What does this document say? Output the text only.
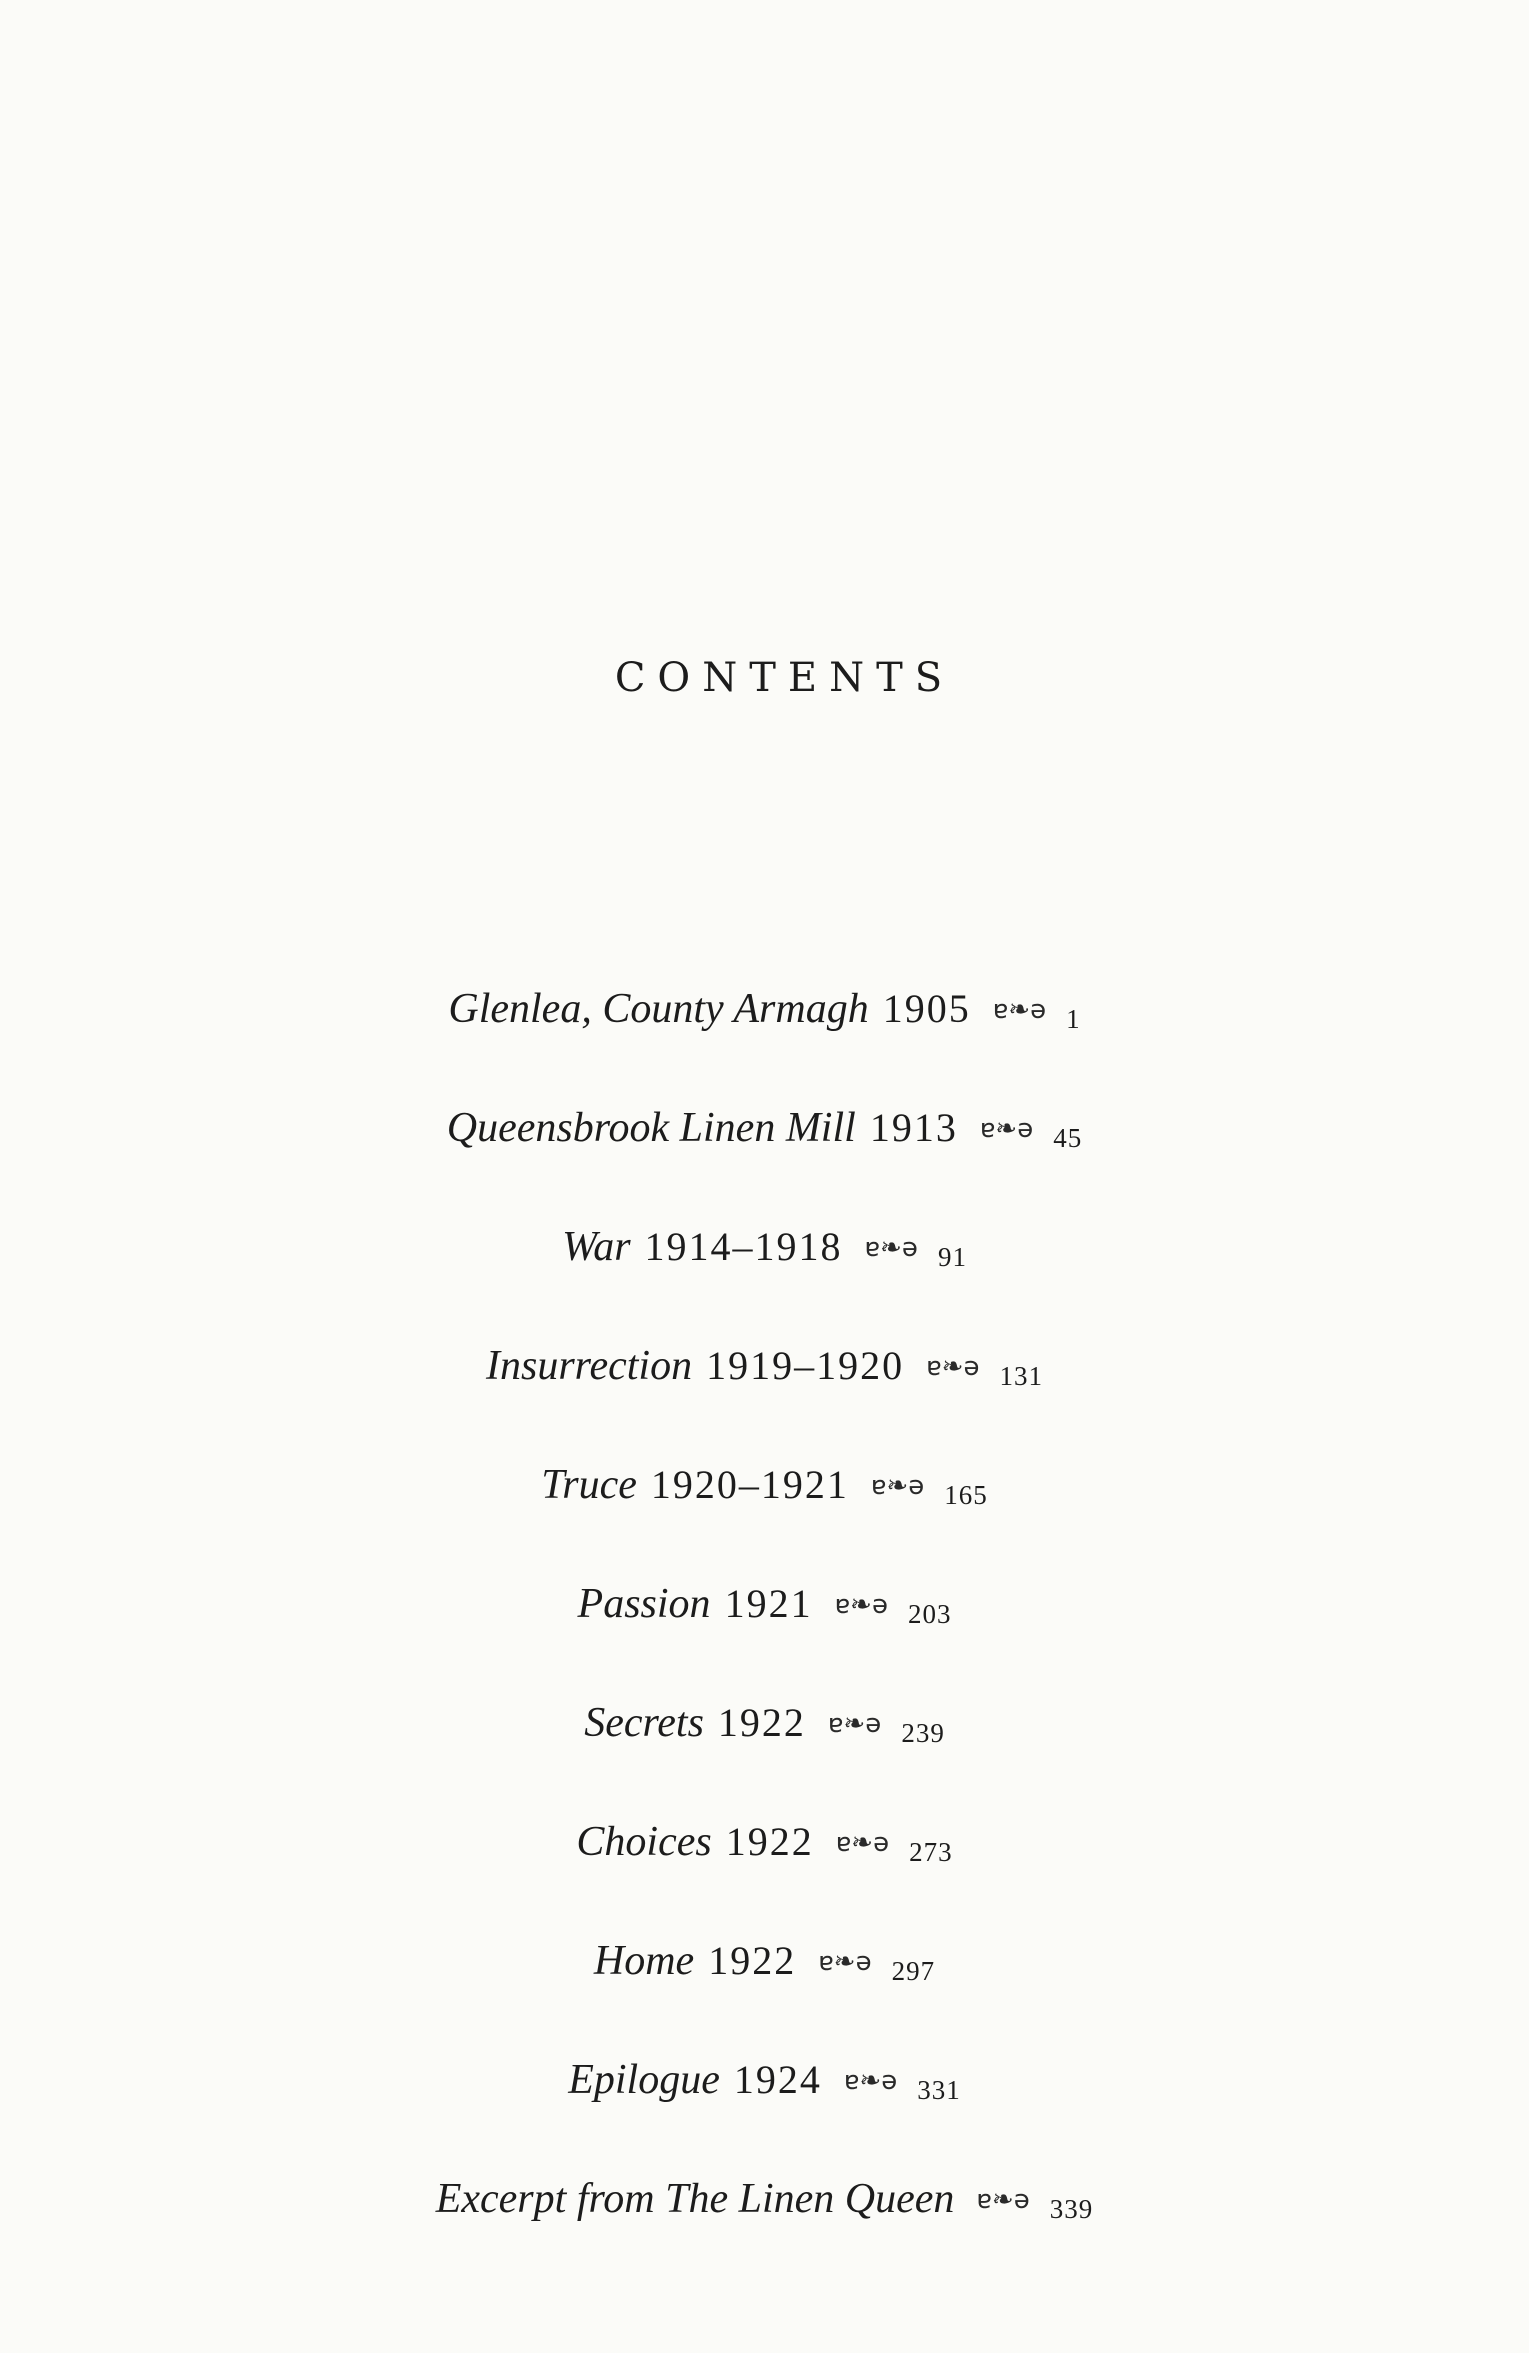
CONTENTS
Glenlea, County Armagh 1905 ɐ❧ə 1
Queensbrook Linen Mill 1913 ɐ❧ə 45
War 1914–1918 ɐ❧ə 91
Insurrection 1919–1920 ɐ❧ə 131
Truce 1920–1921 ɐ❧ə 165
Passion 1921 ɐ❧ə 203
Secrets 1922 ɐ❧ə 239
Choices 1922 ɐ❧ə 273
Home 1922 ɐ❧ə 297
Epilogue 1924 ɐ❧ə 331
Excerpt from The Linen Queen ɐ❧ə 339
